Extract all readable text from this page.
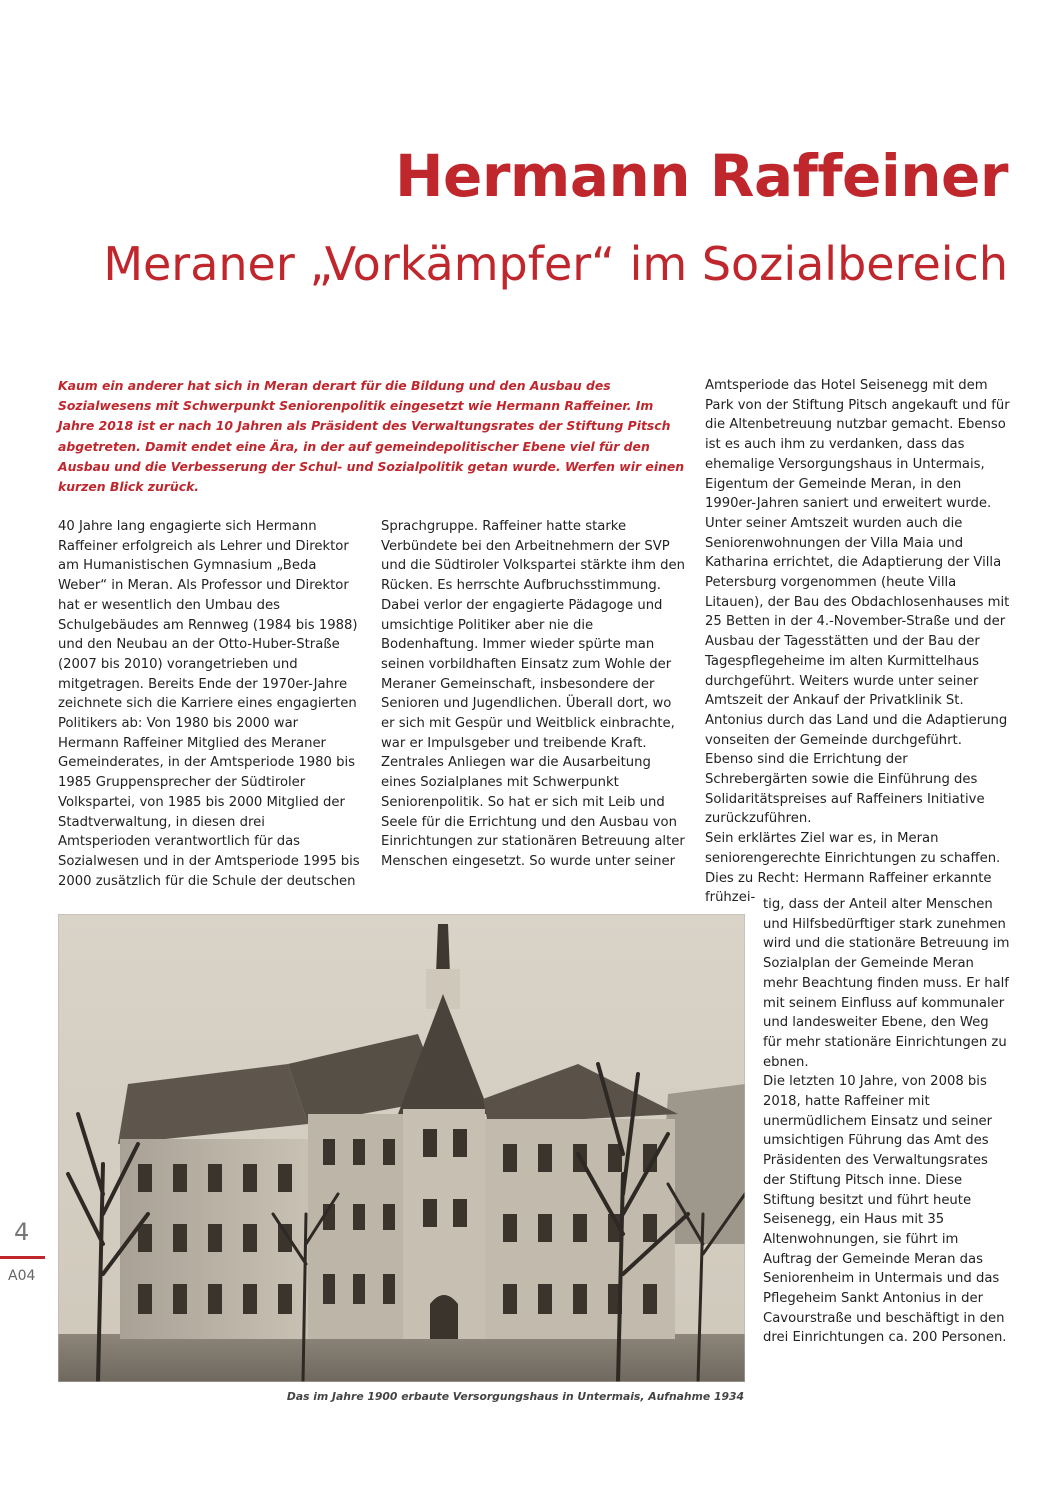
Hermann Raffeiner
Meraner „Vorkämpfer“ im Sozialbereich

Kaum ein anderer hat sich in Meran derart für die Bildung und den Ausbau des Sozialwesens mit Schwerpunkt Seniorenpolitik eingesetzt wie Hermann Raffeiner. Im Jahre 2018 ist er nach 10 Jahren als Präsident des Verwaltungsrates der Stiftung Pitsch abgetreten. Damit endet eine Ära, in der auf gemeindepolitischer Ebene viel für den Ausbau und die Verbesserung der Schul- und Sozialpolitik getan wurde. Werfen wir einen kurzen Blick zurück.

40 Jahre lang engagierte sich Hermann Raffeiner erfolgreich als Lehrer und Direktor am Humanistischen Gymnasium „Beda Weber“ in Meran. Als Professor und Direktor hat er wesentlich den Umbau des Schulgebäudes am Rennweg (1984 bis 1988) und den Neubau an der Otto-Huber-Straße (2007 bis 2010) vorangetrieben und mitgetragen. Bereits Ende der 1970er-Jahre zeichnete sich die Karriere eines engagierten Politikers ab: Von 1980 bis 2000 war Hermann Raffeiner Mitglied des Meraner Gemeinderates, in der Amtsperiode 1980 bis 1985 Gruppensprecher der Südtiroler Volkspartei, von 1985 bis 2000 Mitglied der Stadtverwaltung, in diesen drei Amtsperioden verantwortlich für das Sozialwesen und in der Amtsperiode 1995 bis 2000 zusätzlich für die Schule der deutschen

Sprachgruppe. Raffeiner hatte starke Verbündete bei den Arbeitnehmern der SVP und die Südtiroler Volkspartei stärkte ihm den Rücken. Es herrschte Aufbruchsstimmung. Dabei verlor der engagierte Pädagoge und umsichtige Politiker aber nie die Bodenhaftung. Immer wieder spürte man seinen vorbildhaften Einsatz zum Wohle der Meraner Gemeinschaft, insbesondere der Senioren und Jugendlichen. Überall dort, wo er sich mit Gespür und Weitblick einbrachte, war er Impulsgeber und treibende Kraft.

Zentrales Anliegen war die Ausarbeitung eines Sozialplanes mit Schwerpunkt Seniorenpolitik. So hat er sich mit Leib und Seele für die Errichtung und den Ausbau von Einrichtungen zur stationären Betreuung alter Menschen eingesetzt. So wurde unter seiner

Amtsperiode das Hotel Seisenegg mit dem Park von der Stiftung Pitsch angekauft und für die Altenbetreuung nutzbar gemacht. Ebenso ist es auch ihm zu verdanken, dass das ehemalige Versorgungshaus in Untermais, Eigentum der Gemeinde Meran, in den 1990er-Jahren saniert und erweitert wurde. Unter seiner Amtszeit wurden auch die Seniorenwohnungen der Villa Maia und Katharina errichtet, die Adaptierung der Villa Petersburg vorgenommen (heute Villa Litauen), der Bau des Obdachlosenhauses mit 25 Betten in der 4.-November-Straße und der Ausbau der Tagesstätten und der Bau der Tagespflegeheime im alten Kurmittelhaus durchgeführt. Weiters wurde unter seiner Amtszeit der Ankauf der Privatklinik St. Antonius durch das Land und die Adaptierung vonseiten der Gemeinde durchgeführt. Ebenso sind die Errichtung der Schrebergärten sowie die Einführung des Solidaritätspreises auf Raffeiners Initiative zurückzuführen.

Sein erklärtes Ziel war es, in Meran seniorengerechte Einrichtungen zu schaffen. Dies zu Recht: Hermann Raffeiner erkannte frühzei- tig, dass der Anteil alter Menschen und Hilfsbedürftiger stark zunehmen wird und die stationäre Betreuung im Sozialplan der Gemeinde Meran mehr Beachtung finden muss. Er half mit seinem Einfluss auf kommunaler und landesweiter Ebene, den Weg für mehr stationäre Einrichtungen zu ebnen.

Die letzten 10 Jahre, von 2008 bis 2018, hatte Raffeiner mit unermüdlichem Einsatz und seiner umsichtigen Führung das Amt des Präsidenten des Verwaltungsrates der Stiftung Pitsch inne. Diese Stiftung besitzt und führt heute Seisenegg, ein Haus mit 35 Altenwohnungen, sie führt im Auftrag der Gemeinde Meran das Seniorenheim in Untermais und das Pflegeheim Sankt Antonius in der Cavourstraße und beschäftigt in den drei Einrichtungen ca. 200 Personen.

Das im Jahre 1900 erbaute Versorgungshaus in Untermais, Aufnahme 1934

4
A04
